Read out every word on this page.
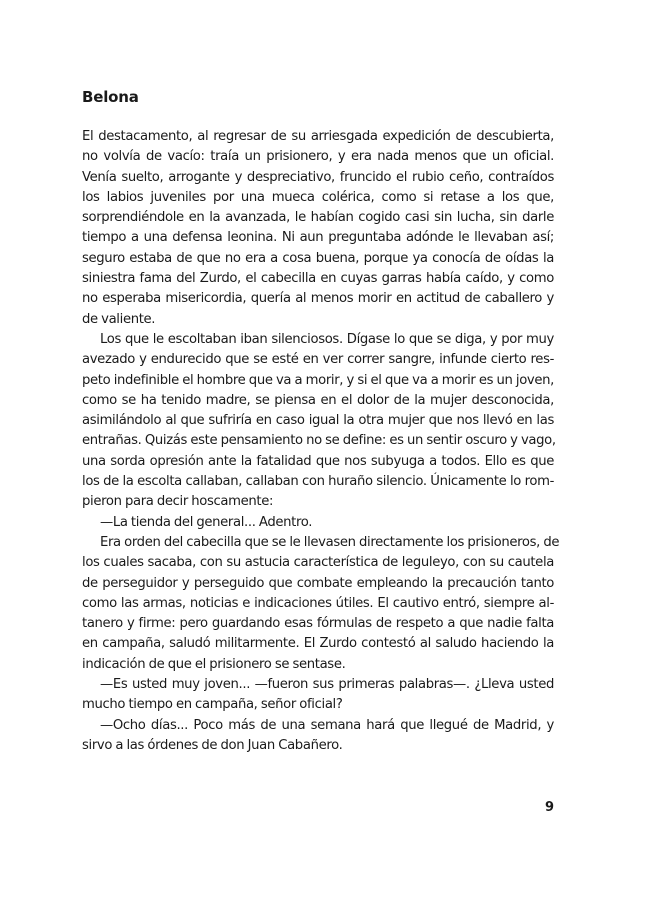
Belona
El destacamento, al regresar de su arriesgada expedición de descubierta,
no volvía de vacío: traía un prisionero, y era nada menos que un oficial.
Venía suelto, arrogante y despreciativo, fruncido el rubio ceño, contraídos
los labios juveniles por una mueca colérica, como si retase a los que,
sorprendiéndole en la avanzada, le habían cogido casi sin lucha, sin darle
tiempo a una defensa leonina. Ni aun preguntaba adónde le llevaban así;
seguro estaba de que no era a cosa buena, porque ya conocía de oídas la
siniestra fama del Zurdo, el cabecilla en cuyas garras había caído, y como
no esperaba misericordia, quería al menos morir en actitud de caballero y
de valiente.
Los que le escoltaban iban silenciosos. Dígase lo que se diga, y por muy
avezado y endurecido que se esté en ver correr sangre, infunde cierto res-
peto indefinible el hombre que va a morir, y si el que va a morir es un joven,
como se ha tenido madre, se piensa en el dolor de la mujer desconocida,
asimilándolo al que sufriría en caso igual la otra mujer que nos llevó en las
entrañas. Quizás este pensamiento no se define: es un sentir oscuro y vago,
una sorda opresión ante la fatalidad que nos subyuga a todos. Ello es que
los de la escolta callaban, callaban con huraño silencio. Únicamente lo rom-
pieron para decir hoscamente:
—La tienda del general... Adentro.
Era orden del cabecilla que se le llevasen directamente los prisioneros, de
los cuales sacaba, con su astucia característica de leguleyo, con su cautela
de perseguidor y perseguido que combate empleando la precaución tanto
como las armas, noticias e indicaciones útiles. El cautivo entró, siempre al-
tanero y firme: pero guardando esas fórmulas de respeto a que nadie falta
en campaña, saludó militarmente. El Zurdo contestó al saludo haciendo la
indicación de que el prisionero se sentase.
—Es usted muy joven... —fueron sus primeras palabras—. ¿Lleva usted
mucho tiempo en campaña, señor oficial?
—Ocho días... Poco más de una semana hará que llegué de Madrid, y
sirvo a las órdenes de don Juan Cabañero.
9
